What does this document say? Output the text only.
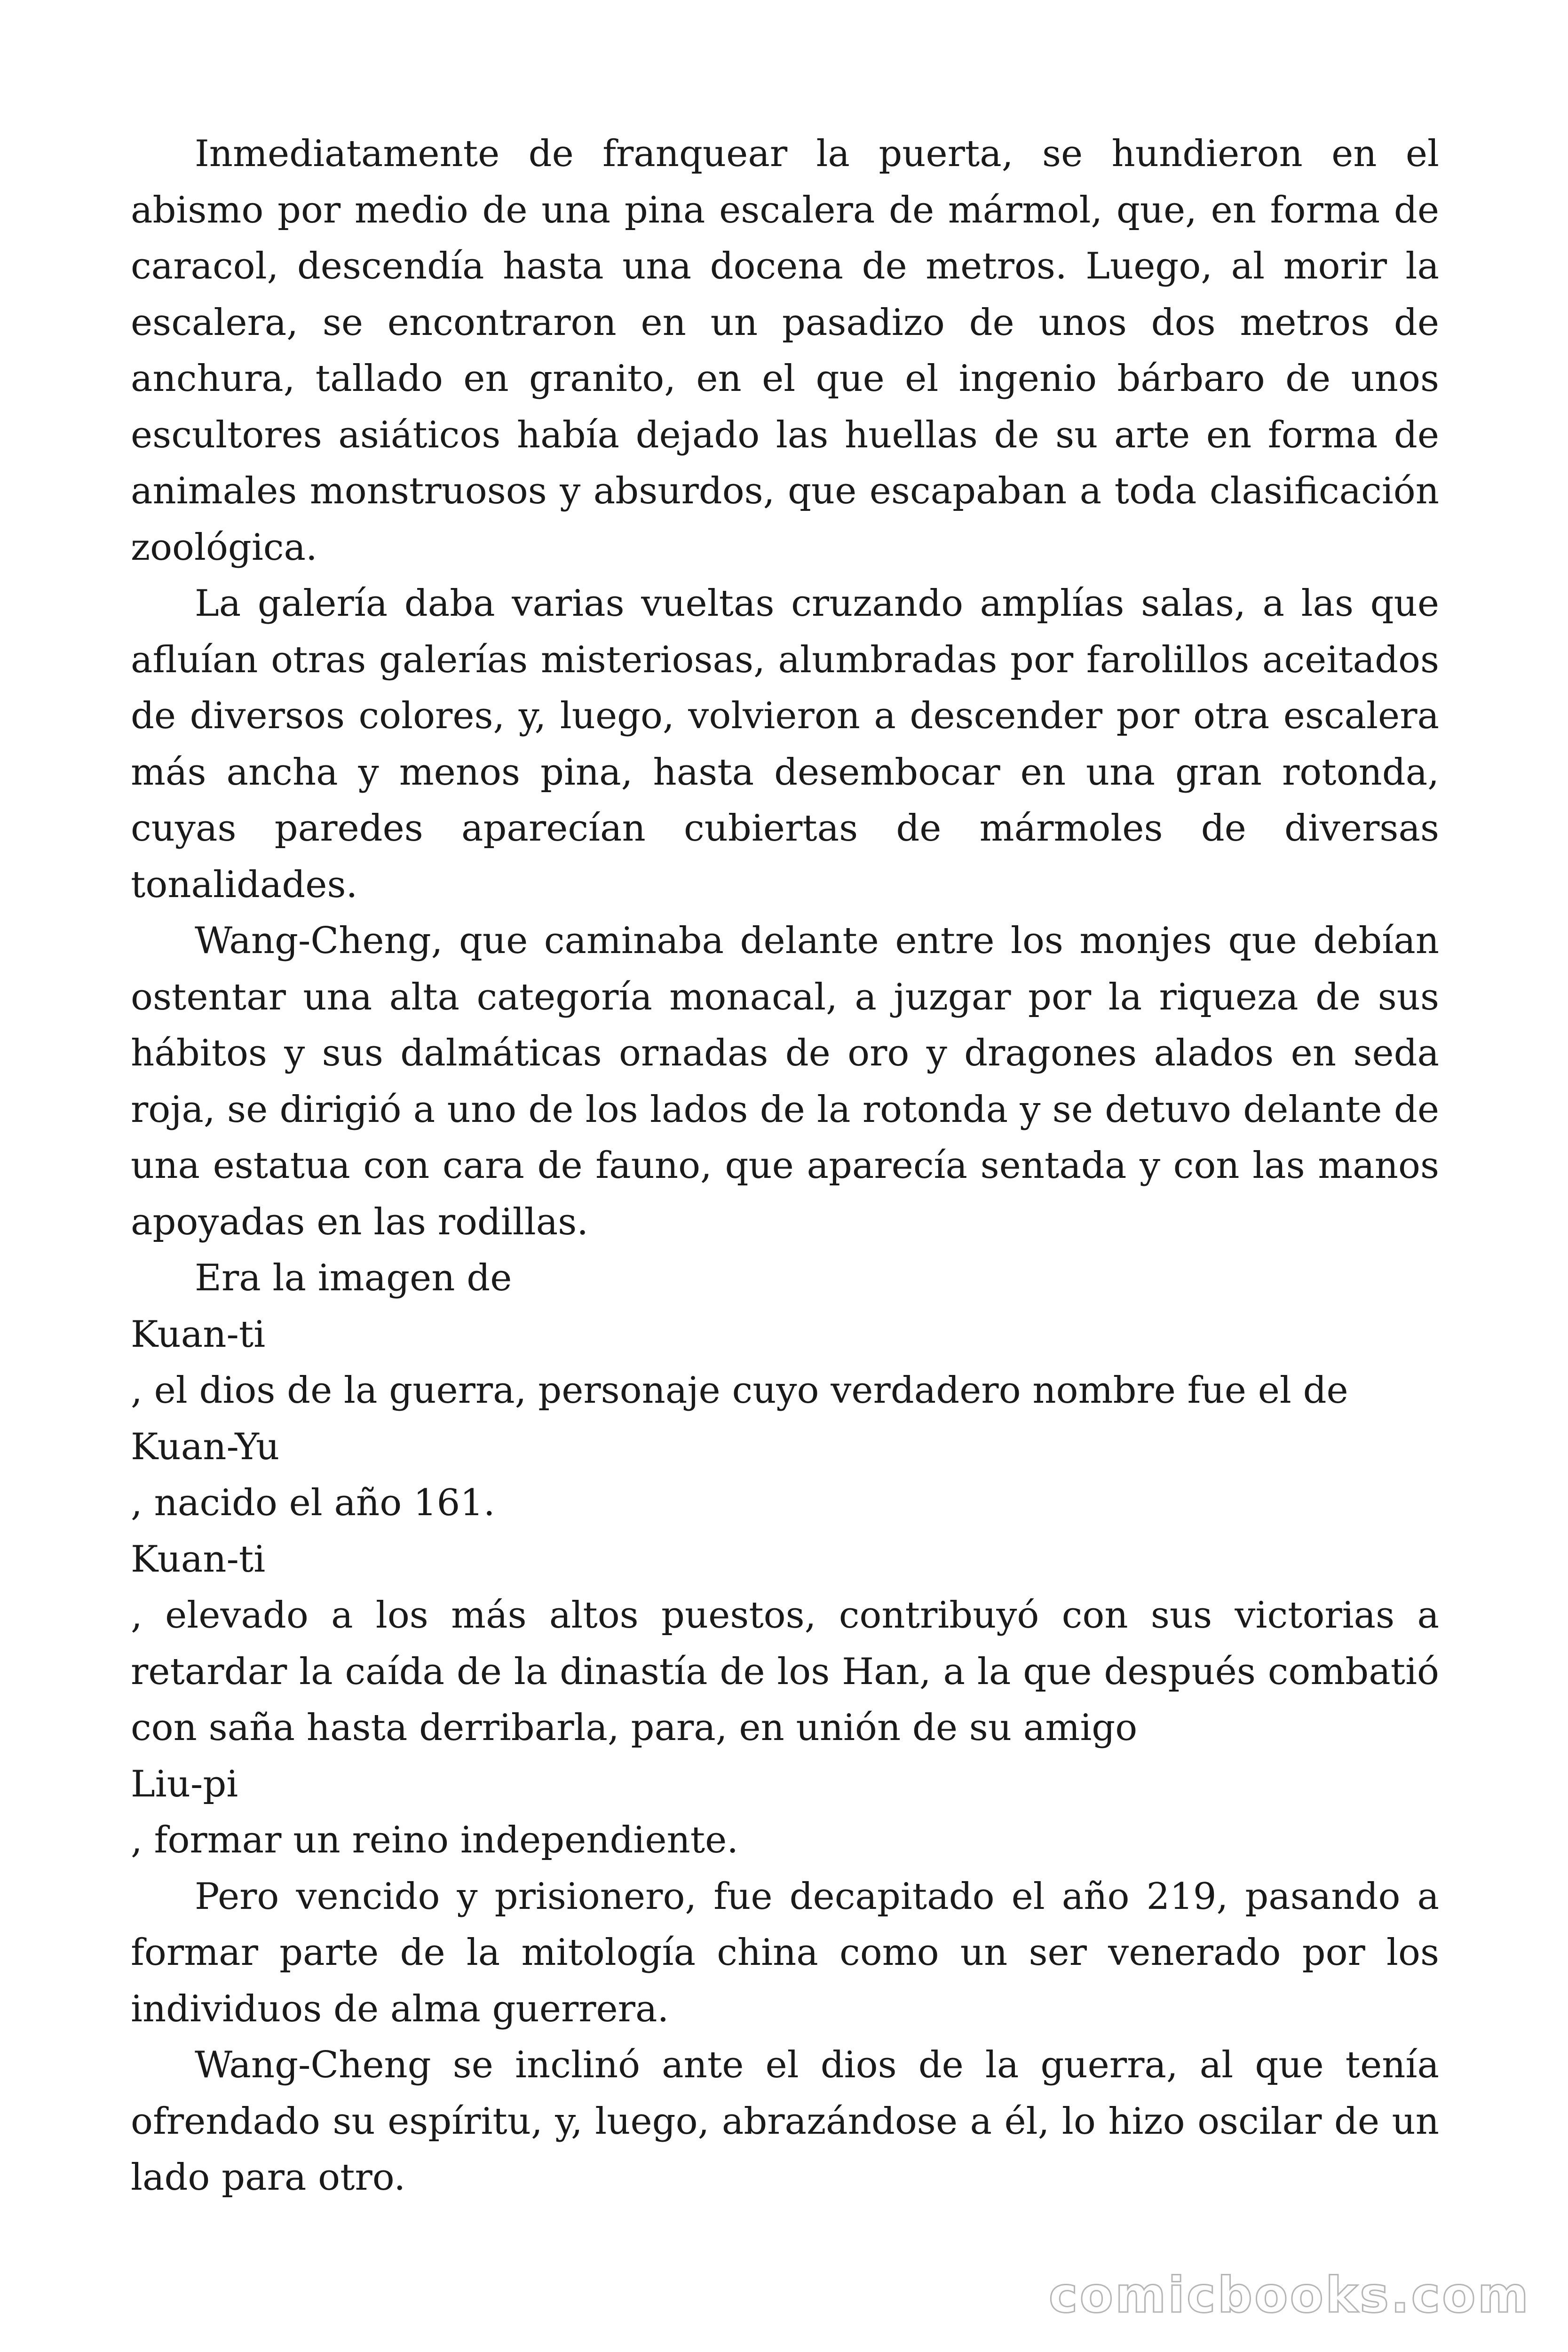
Inmediatamente de franquear la puerta, se hundieron en el abismo por medio de una pina escalera de mármol, que, en forma de caracol, descendía hasta una docena de metros. Luego, al morir la escalera, se encontraron en un pasadizo de unos dos metros de anchura, tallado en granito, en el que el ingenio bárbaro de unos escultores asiáticos había dejado las huellas de su arte en forma de animales monstruosos y absurdos, que escapaban a toda clasificación zoológica.

La galería daba varias vueltas cruzando amplías salas, a las que afluían otras galerías misteriosas, alumbradas por farolillos aceitados de diversos colores, y, luego, volvieron a descender por otra escalera más ancha y menos pina, hasta desembocar en una gran rotonda, cuyas paredes aparecían cubiertas de mármoles de diversas tonalidades.

Wang-Cheng, que caminaba delante entre los monjes que debían ostentar una alta categoría monacal, a juzgar por la riqueza de sus hábitos y sus dalmáticas ornadas de oro y dragones alados en seda roja, se dirigió a uno de los lados de la rotonda y se detuvo delante de una estatua con cara de fauno, que aparecía sentada y con las manos apoyadas en las rodillas.

Era la imagen de

Kuan-ti

, el dios de la guerra, personaje cuyo verdadero nombre fue el de

Kuan-Yu

, nacido el año 161.

Kuan-ti

, elevado a los más altos puestos, contribuyó con sus victorias a retardar la caída de la dinastía de los Han, a la que después combatió con saña hasta derribarla, para, en unión de su amigo

Liu-pi

, formar un reino independiente.

Pero vencido y prisionero, fue decapitado el año 219, pasando a formar parte de la mitología china como un ser venerado por los individuos de alma guerrera.

Wang-Cheng se inclinó ante el dios de la guerra, al que tenía ofrendado su espíritu, y, luego, abrazándose a él, lo hizo oscilar de un lado para otro.

comicbooks.com
